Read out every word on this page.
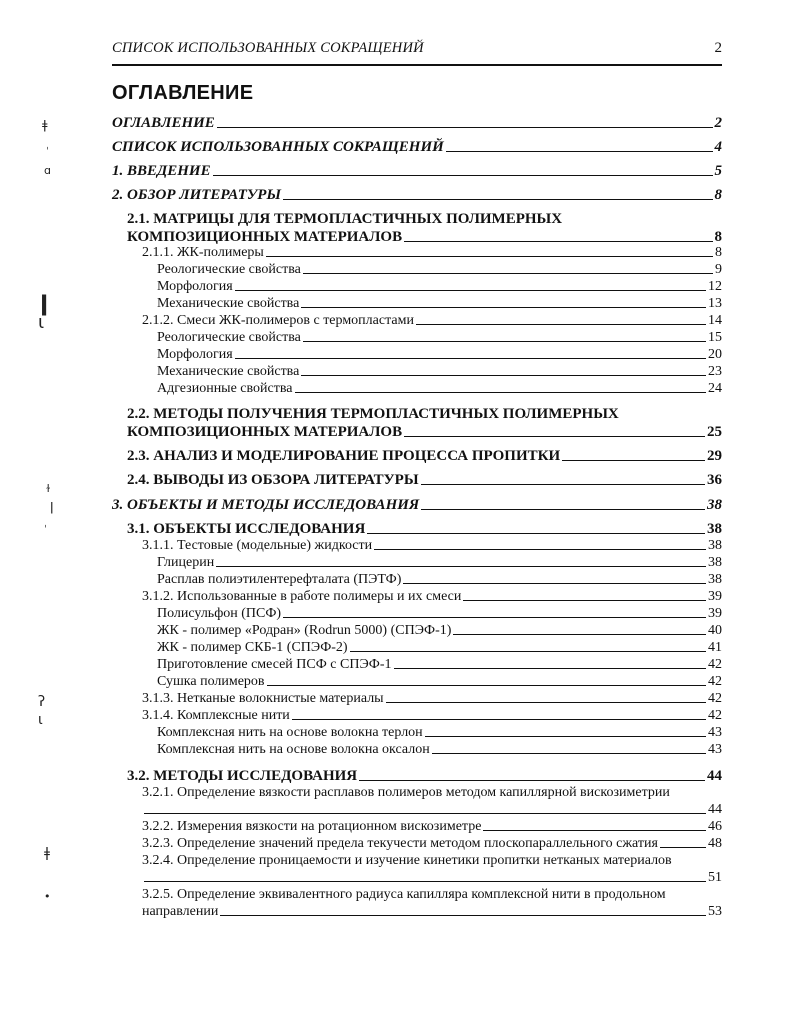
СПИСОК ИСПОЛЬЗОВАННЫХ СОКРАЩЕНИЙ	2
ОГЛАВЛЕНИЕ
ОГЛАВЛЕНИЕ	2
СПИСОК ИСПОЛЬЗОВАННЫХ СОКРАЩЕНИЙ	4
1. ВВЕДЕНИЕ	5
2. ОБЗОР ЛИТЕРАТУРЫ	8
2.1. МАТРИЦЫ ДЛЯ ТЕРМОПЛАСТИЧНЫХ ПОЛИМЕРНЫХ
КОМПОЗИЦИОННЫХ МАТЕРИАЛОВ	8
2.1.1. ЖК-полимеры	8
Реологические свойства	9
Морфология	12
Механические свойства	13
2.1.2. Смеси ЖК-полимеров с термопластами	14
Реологические свойства	15
Морфология	20
Механические свойства	23
Адгезионные свойства	24
2.2. МЕТОДЫ ПОЛУЧЕНИЯ ТЕРМОПЛАСТИЧНЫХ ПОЛИМЕРНЫХ
КОМПОЗИЦИОННЫХ МАТЕРИАЛОВ	25
2.3. АНАЛИЗ И МОДЕЛИРОВАНИЕ ПРОЦЕССА ПРОПИТКИ	29
2.4. ВЫВОДЫ ИЗ ОБЗОРА ЛИТЕРАТУРЫ	36
3. ОБЪЕКТЫ И МЕТОДЫ ИССЛЕДОВАНИЯ	38
3.1. ОБЪЕКТЫ ИССЛЕДОВАНИЯ	38
3.1.1. Тестовые (модельные) жидкости	38
Глицерин	38
Расплав полиэтилентерефталата (ПЭТФ)	38
3.1.2. Использованные в работе полимеры и их смеси	39
Полисульфон (ПСФ)	39
ЖК - полимер «Родран» (Rodrun 5000) (СПЭФ-1)	40
ЖК - полимер СКБ-1 (СПЭФ-2)	41
Приготовление смесей ПСФ с СПЭФ-1	42
Сушка полимеров	42
3.1.3. Нетканые волокнистые материалы	42
3.1.4. Комплексные нити	42
Комплексная нить на основе волокна терлон	43
Комплексная нить на основе волокна оксалон	43
3.2. МЕТОДЫ ИССЛЕДОВАНИЯ	44
3.2.1. Определение вязкости расплавов полимеров методом капиллярной вискозиметрии
44
3.2.2. Измерения вязкости на ротационном вискозиметре	46
3.2.3. Определение значений предела текучести методом плоскопараллельного сжатия	48
3.2.4. Определение проницаемости и изучение кинетики пропитки нетканых материалов
51
3.2.5. Определение эквивалентного радиуса капилляра комплексной нити в продольном
направлении	53
ǂ
ˌ
ɑ
ǀ
ɩ
ɫ
ǀ
ˌ
ʔ
ɩ
ǂ
•
